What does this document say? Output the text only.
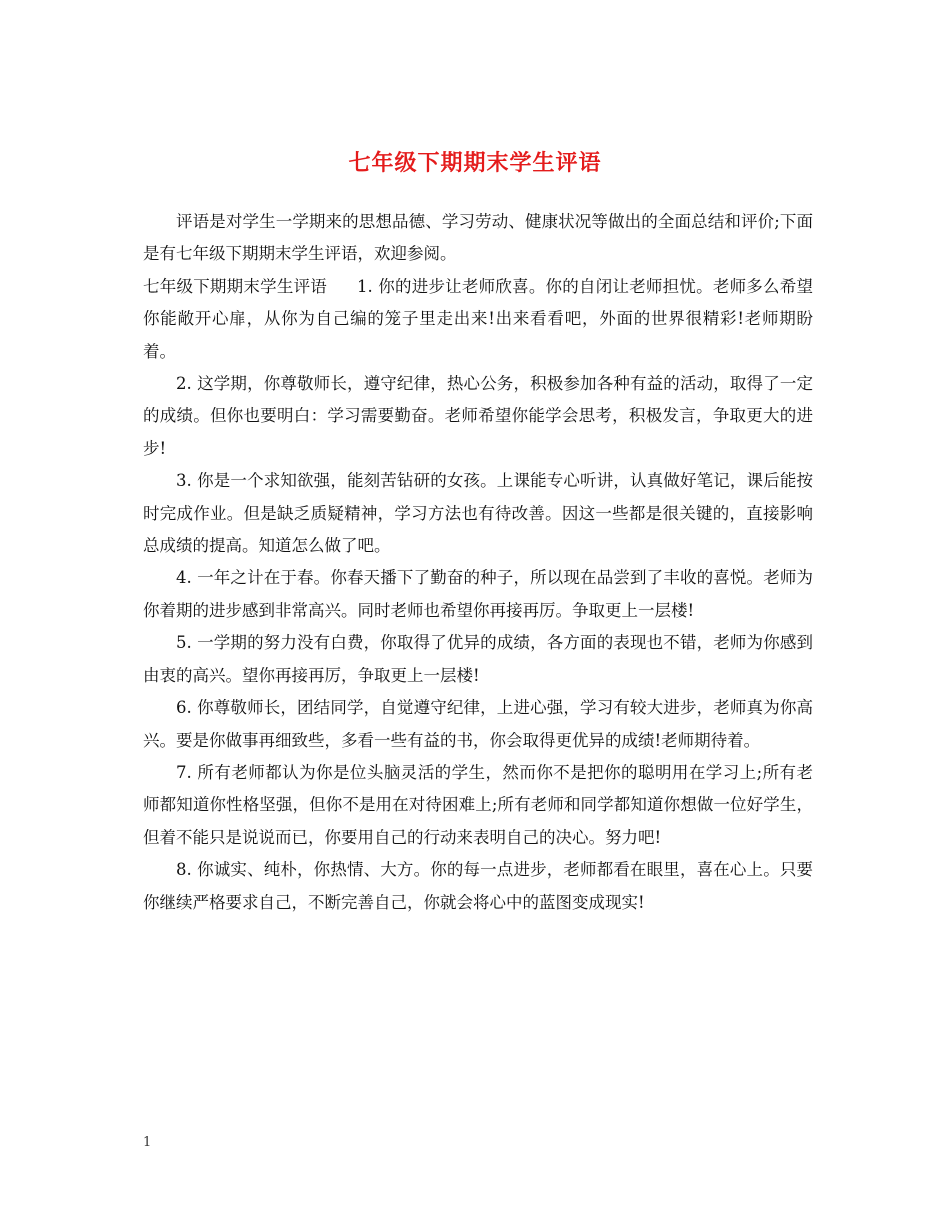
七年级下期期末学生评语

评语是对学生一学期来的思想品德、学习劳动、健康状况等做出的全面总结和评价;下面是有七年级下期期末学生评语，欢迎参阅。

七年级下期期末学生评语 1. 你的进步让老师欣喜。你的自闭让老师担忧。老师多么希望你能敞开心扉，从你为自己编的笼子里走出来!出来看看吧，外面的世界很精彩!老师期盼着。

2. 这学期，你尊敬师长，遵守纪律，热心公务，积极参加各种有益的活动，取得了一定的成绩。但你也要明白：学习需要勤奋。老师希望你能学会思考，积极发言，争取更大的进步!

3. 你是一个求知欲强，能刻苦钻研的女孩。上课能专心听讲，认真做好笔记，课后能按时完成作业。但是缺乏质疑精神，学习方法也有待改善。因这一些都是很关键的，直接影响总成绩的提高。知道怎么做了吧。

4. 一年之计在于春。你春天播下了勤奋的种子，所以现在品尝到了丰收的喜悦。老师为你着期的进步感到非常高兴。同时老师也希望你再接再厉。争取更上一层楼!

5. 一学期的努力没有白费，你取得了优异的成绩，各方面的表现也不错，老师为你感到由衷的高兴。望你再接再厉，争取更上一层楼!

6. 你尊敬师长，团结同学，自觉遵守纪律，上进心强，学习有较大进步，老师真为你高兴。要是你做事再细致些，多看一些有益的书，你会取得更优异的成绩!老师期待着。

7. 所有老师都认为你是位头脑灵活的学生，然而你不是把你的聪明用在学习上;所有老师都知道你性格坚强，但你不是用在对待困难上;所有老师和同学都知道你想做一位好学生，但着不能只是说说而已，你要用自己的行动来表明自己的决心。努力吧!

8. 你诚实、纯朴，你热情、大方。你的每一点进步，老师都看在眼里，喜在心上。只要你继续严格要求自己，不断完善自己，你就会将心中的蓝图变成现实!

1
